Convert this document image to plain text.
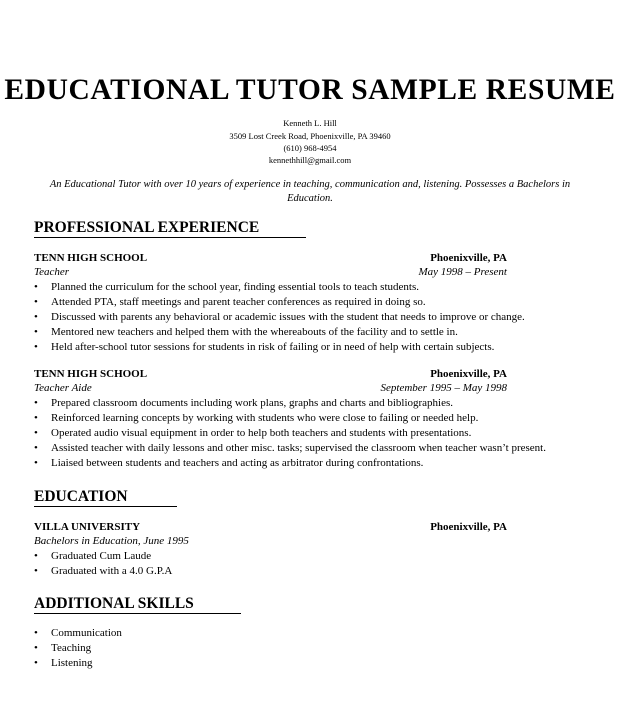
EDUCATIONAL TUTOR SAMPLE RESUME
Kenneth L. Hill
3509 Lost Creek Road, Phoenixville, PA 39460
(610) 968-4954
kennethhill@gmail.com
An Educational Tutor with over 10 years of experience in teaching, communication and, listening. Possesses a Bachelors in Education.
PROFESSIONAL EXPERIENCE
TENN HIGH SCHOOL	Phoenixville, PA
Teacher	May 1998 – Present
• Planned the curriculum for the school year, finding essential tools to teach students.
• Attended PTA, staff meetings and parent teacher conferences as required in doing so.
• Discussed with parents any behavioral or academic issues with the student that needs to improve or change.
• Mentored new teachers and helped them with the whereabouts of the facility and to settle in.
• Held after-school tutor sessions for students in risk of failing or in need of help with certain subjects.
TENN HIGH SCHOOL	Phoenixville, PA
Teacher Aide	September 1995 – May 1998
• Prepared classroom documents including work plans, graphs and charts and bibliographies.
• Reinforced learning concepts by working with students who were close to failing or needed help.
• Operated audio visual equipment in order to help both teachers and students with presentations.
• Assisted teacher with daily lessons and other misc. tasks; supervised the classroom when teacher wasn’t present.
• Liaised between students and teachers and acting as arbitrator during confrontations.
EDUCATION
VILLA UNIVERSITY	Phoenixville, PA
Bachelors in Education, June 1995
• Graduated Cum Laude
• Graduated with a 4.0 G.P.A
ADDITIONAL SKILLS
• Communication
• Teaching
• Listening
